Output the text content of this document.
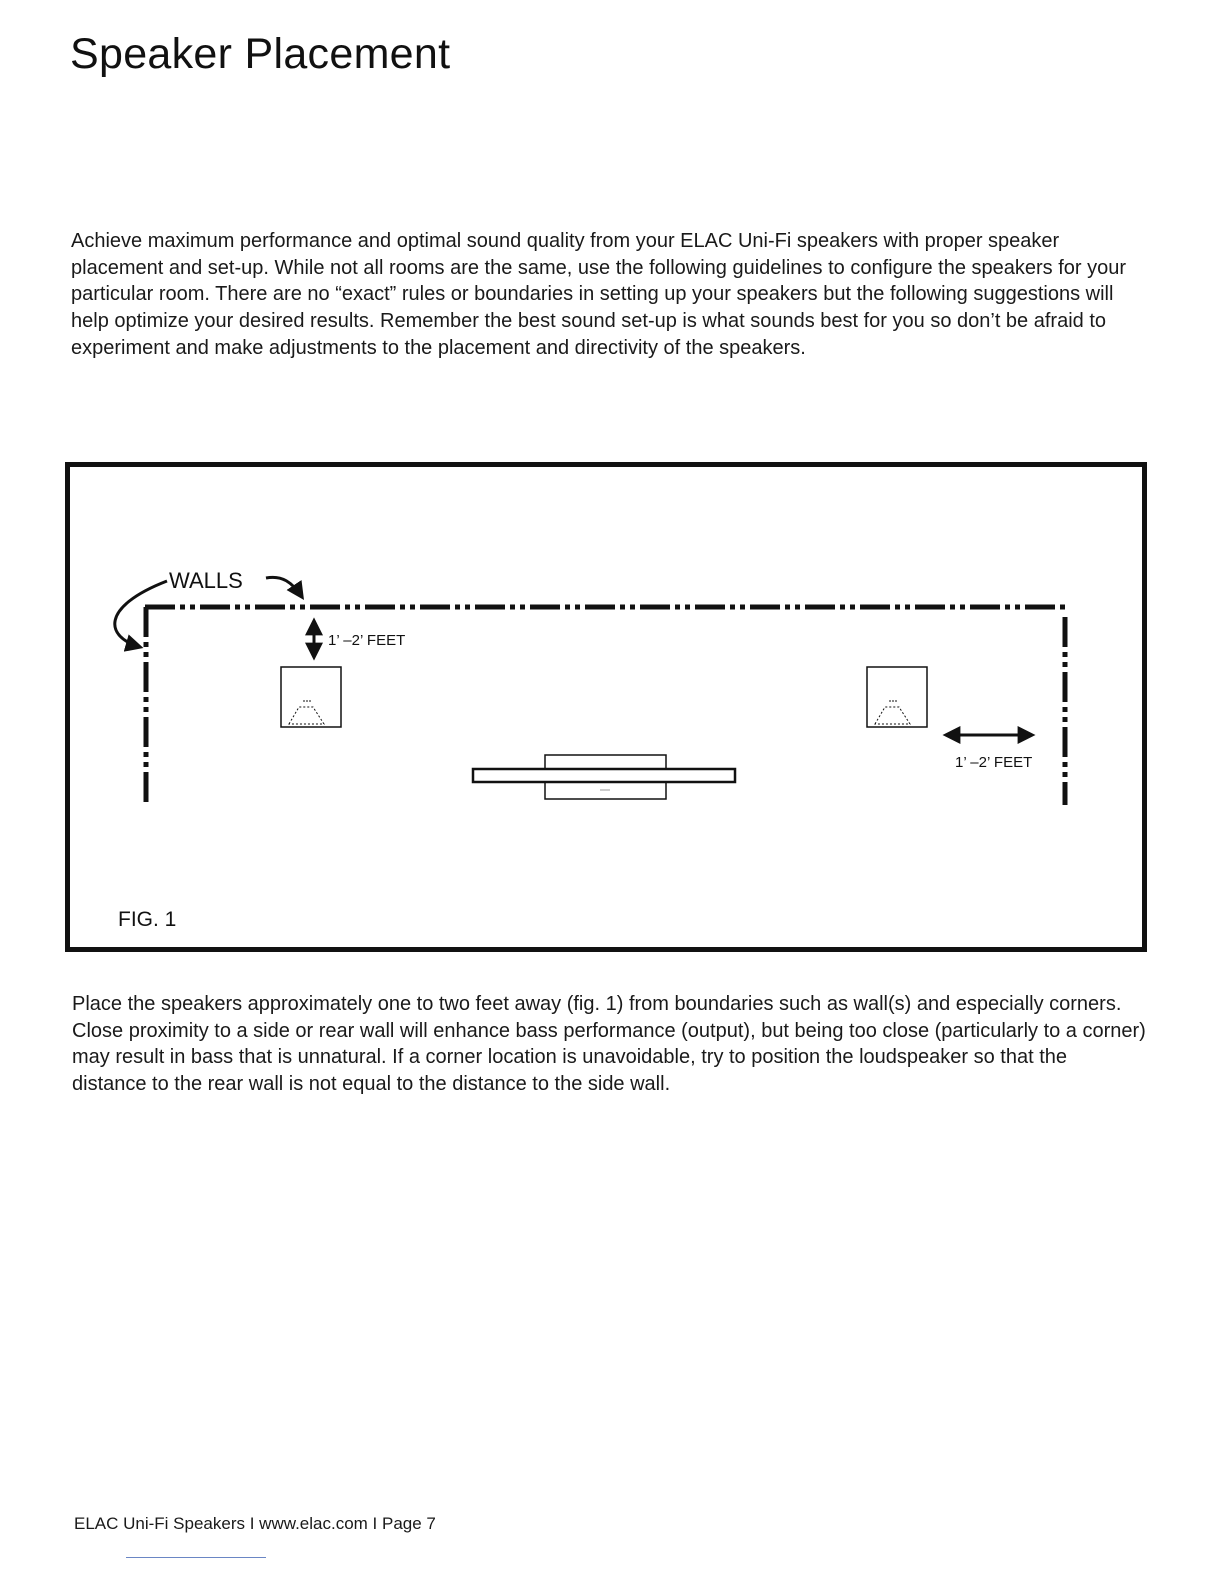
Speaker Placement

Achieve maximum performance and optimal sound quality from your ELAC Uni-Fi speakers with proper speaker placement and set-up. While not all rooms are the same, use the following guidelines to configure the speakers for your particular room. There are no “exact” rules or boundaries in setting up your speakers but the following suggestions will help optimize your desired results. Remember the best sound set-up is what sounds best for you so don’t be afraid to experiment and make adjustments to the placement and directivity of the speakers.

WALLS
1’ –2’ FEET
1’ –2’ FEET
FIG. 1

Place the speakers approximately one to two feet away (fig. 1) from boundaries such as wall(s) and especially corners. Close proximity to a side or rear wall will enhance bass performance (output), but being too close (particularly to a corner) may result in bass that is unnatural. If a corner location is unavoidable, try to position the loudspeaker so that the distance to the rear wall is not equal to the distance to the side wall.

ELAC Uni-Fi Speakers I www.elac.com I Page 7
